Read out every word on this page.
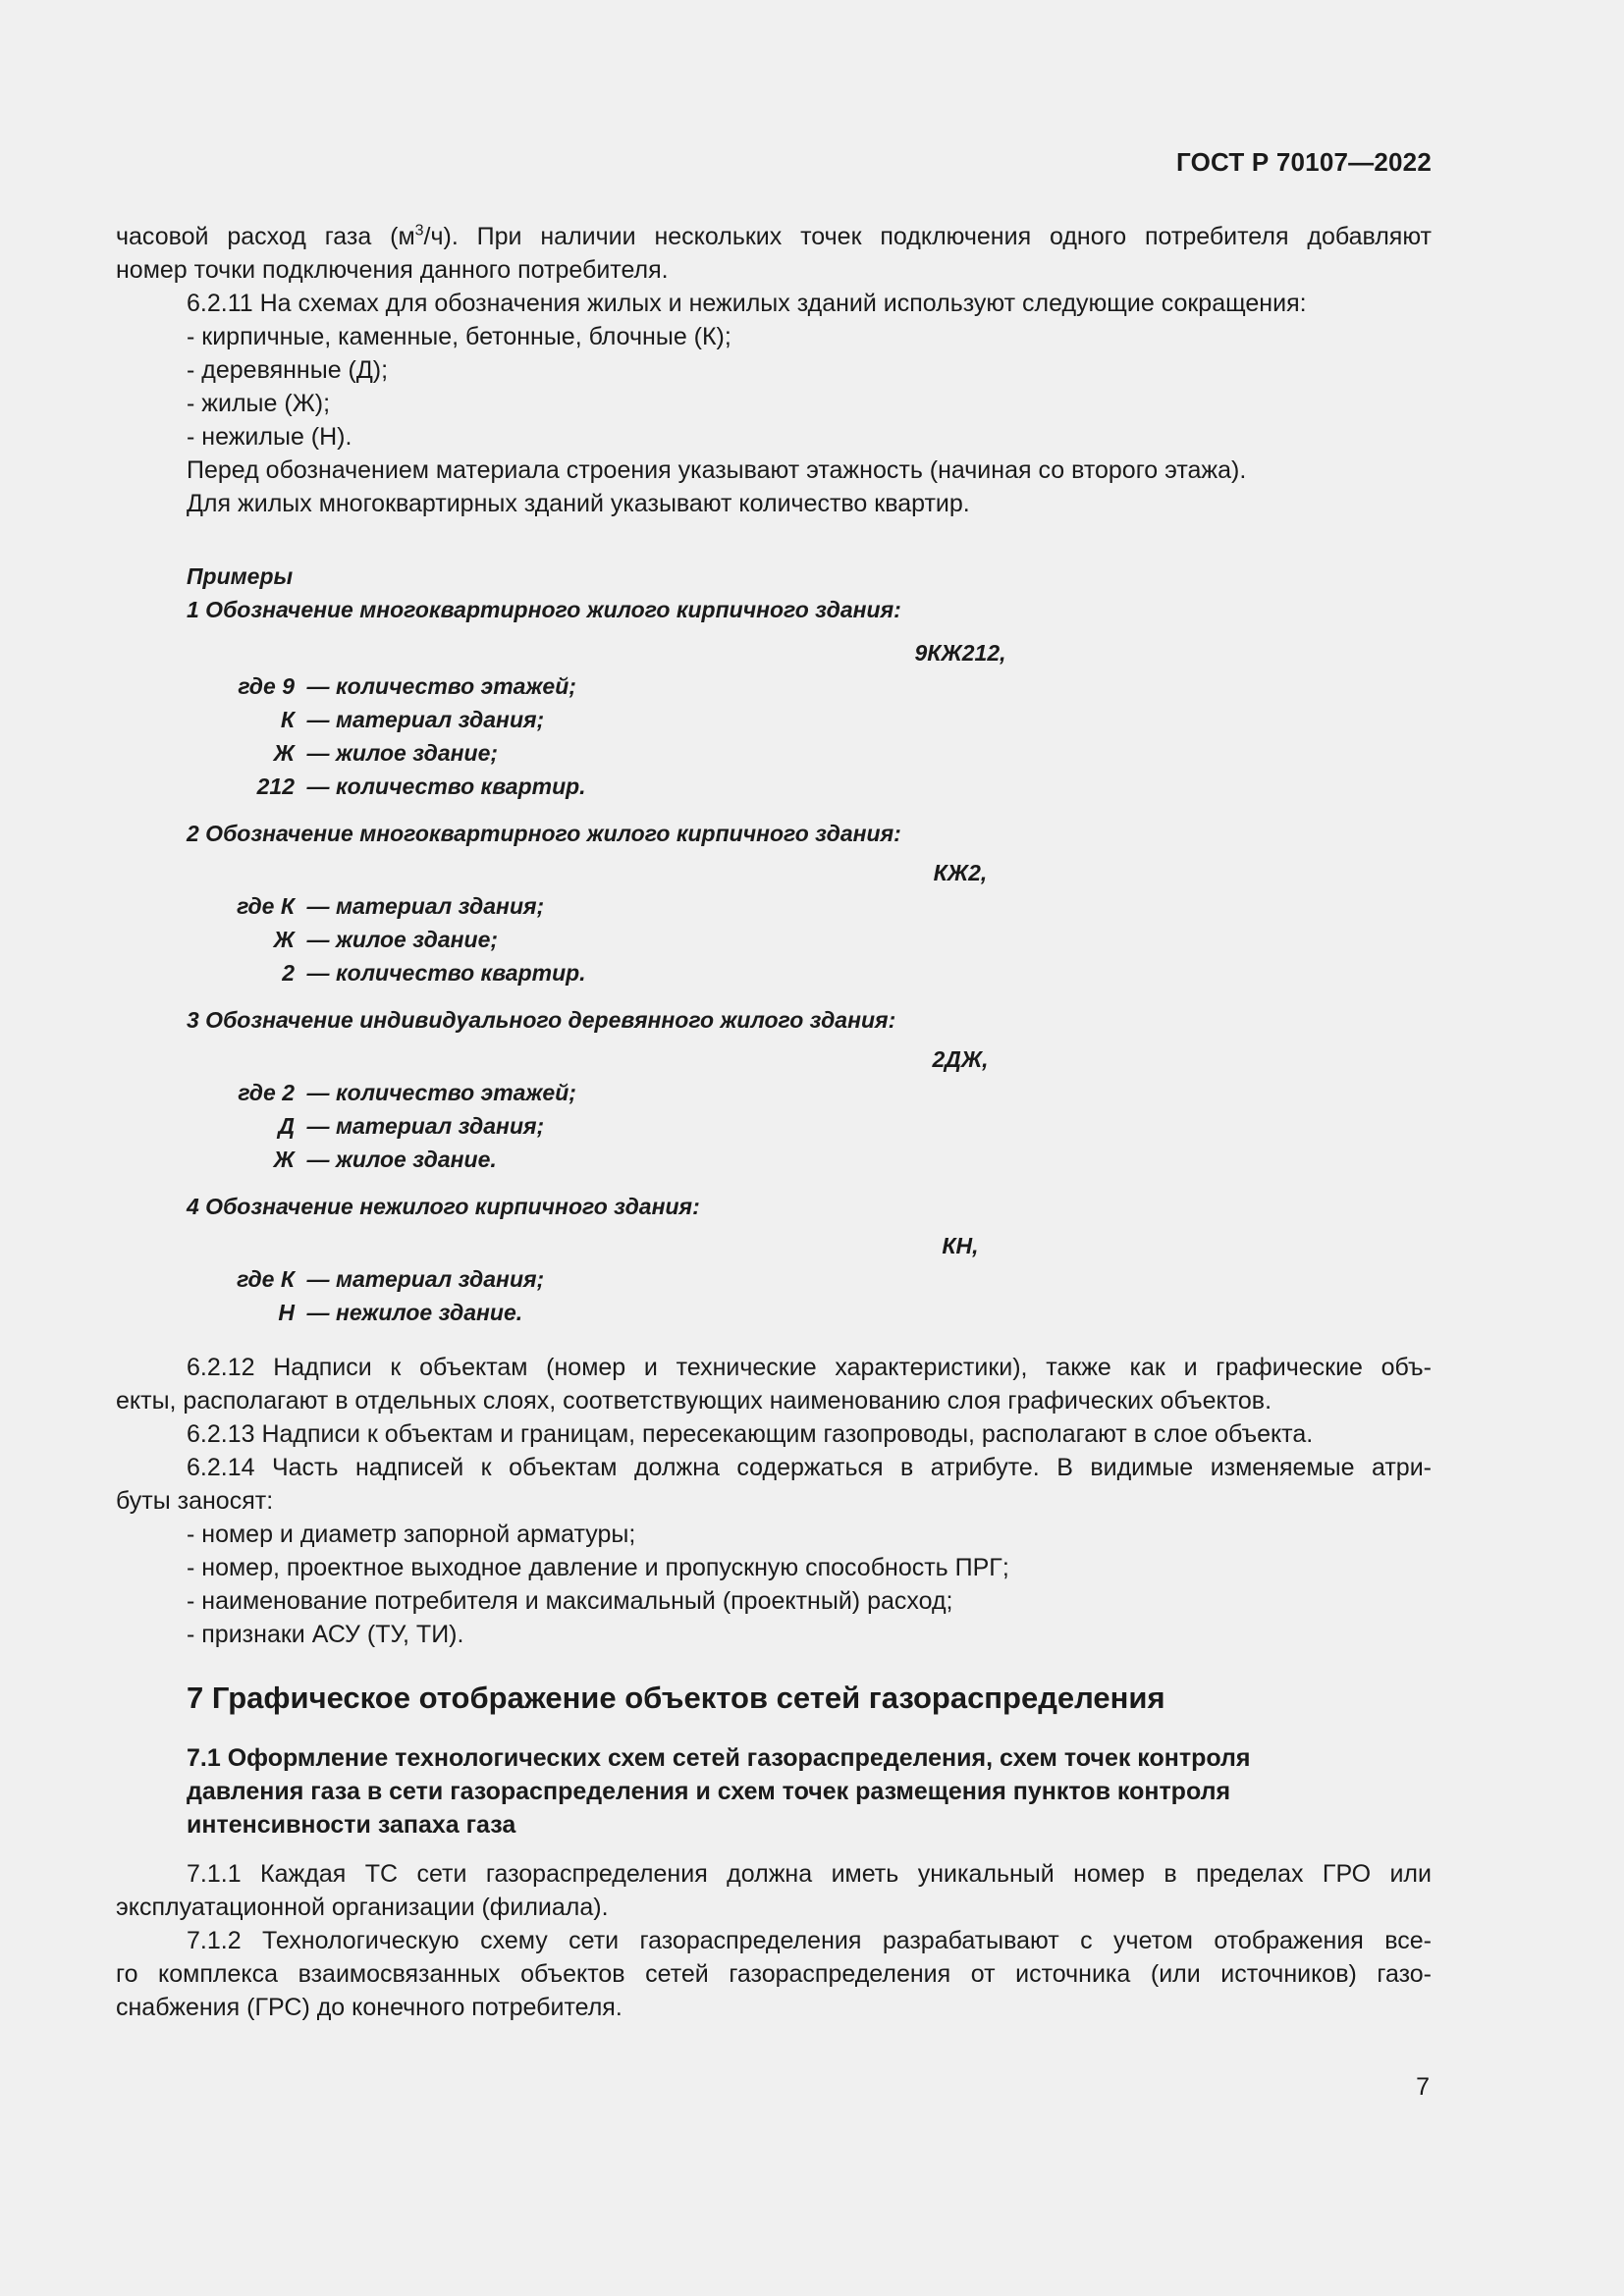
ГОСТ Р 70107—2022
часовой расход газа $(м^3/ч)$. При наличии нескольких точек подключения одного потребителя добавляют
номер точки подключения данного потребителя.
6.2.11 На схемах для обозначения жилых и нежилых зданий используют следующие сокращения:
- кирпичные, каменные, бетонные, блочные (К);
- деревянные (Д);
- жилые (Ж);
- нежилые (Н).
Перед обозначением материала строения указывают этажность (начиная со второго этажа).
Для жилых многоквартирных зданий указывают количество квартир.
Примеры
1 Обозначение многоквартирного жилого кирпичного здания:
9КЖ212,
где 9 — количество этажей;
К — материал здания;
Ж — жилое здание;
212 — количество квартир.
2 Обозначение многоквартирного жилого кирпичного здания:
КЖ2,
где К — материал здания;
Ж — жилое здание;
2 — количество квартир.
3 Обозначение индивидуального деревянного жилого здания:
2ДЖ,
где 2 — количество этажей;
Д — материал здания;
Ж — жилое здание.
4 Обозначение нежилого кирпичного здания:
КН,
где К — материал здания;
Н — нежилое здание.
6.2.12 Надписи к объектам (номер и технические характеристики), также как и графические объ-
екты, располагают в отдельных слоях, соответствующих наименованию слоя графических объектов.
6.2.13 Надписи к объектам и границам, пересекающим газопроводы, располагают в слое объекта.
6.2.14 Часть надписей к объектам должна содержаться в атрибуте. В видимые изменяемые атри-
буты заносят:
- номер и диаметр запорной арматуры;
- номер, проектное выходное давление и пропускную способность ПРГ;
- наименование потребителя и максимальный (проектный) расход;
- признаки АСУ (ТУ, ТИ).
7 Графическое отображение объектов сетей газораспределения
7.1 Оформление технологических схем сетей газораспределения, схем точек контроля
давления газа в сети газораспределения и схем точек размещения пунктов контроля
интенсивности запаха газа
7.1.1 Каждая ТС сети газораспределения должна иметь уникальный номер в пределах ГРО или
эксплуатационной организации (филиала).
7.1.2 Технологическую схему сети газораспределения разрабатывают с учетом отображения все-
го комплекса взаимосвязанных объектов сетей газораспределения от источника (или источников) газо-
снабжения (ГРС) до конечного потребителя.
7
